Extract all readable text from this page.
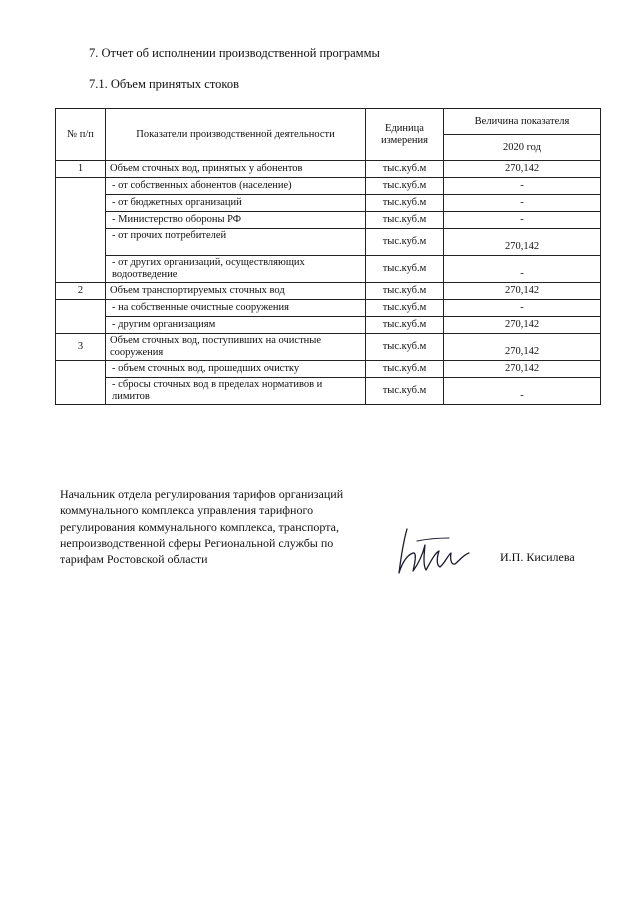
7. Отчет об исполнении производственной программы
7.1. Объем принятых стоков
№ п/п	Показатели производственной деятельности	Единица измерения	Величина показателя
			2020 год
1	Объем сточных вод, принятых у абонентов	тыс.куб.м	270,142
	- от собственных абонентов (население)	тыс.куб.м	-
	- от бюджетных организаций	тыс.куб.м	-
	- Министерство обороны РФ	тыс.куб.м	-
	- от прочих потребителей	тыс.куб.м	270,142
	- от других организаций, осуществляющих водоотведение	тыс.куб.м	-
2	Объем транспортируемых сточных вод	тыс.куб.м	270,142
	- на собственные очистные сооружения	тыс.куб.м	-
	- другим организациям	тыс.куб.м	270,142
3	Объем сточных вод, поступивших на очистные сооружения	тыс.куб.м	270,142
	- объем сточных вод, прошедших очистку	тыс.куб.м	270,142
	- сбросы сточных вод в пределах нормативов и лимитов	тыс.куб.м	-
Начальник отдела регулирования тарифов организаций
коммунального комплекса управления тарифного
регулирования коммунального комплекса, транспорта,
непроизводственной сферы Региональной службы по
тарифам Ростовской области	И.П. Кисилева
